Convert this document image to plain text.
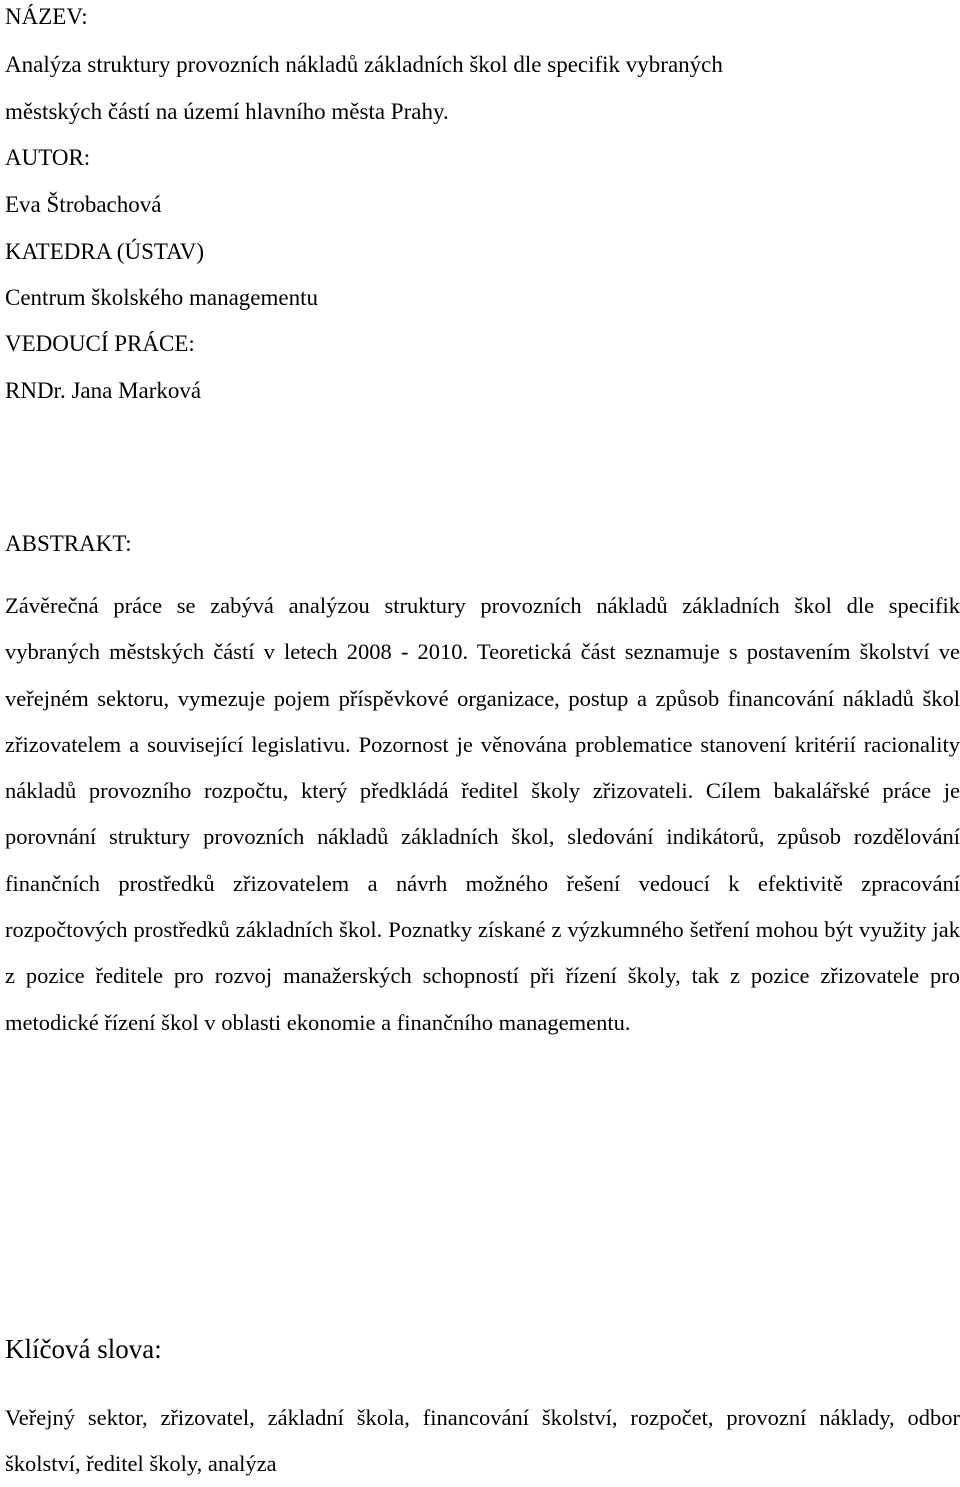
NÁZEV:

Analýza struktury provozních nákladů základních škol dle specifik vybraných

městských částí na území hlavního města Prahy.

AUTOR:

Eva Štrobachová

KATEDRA (ÚSTAV)

Centrum školského managementu

VEDOUCÍ PRÁCE:

RNDr. Jana Marková

ABSTRAKT:

Závěrečná práce se zabývá analýzou struktury provozních nákladů základních škol dle specifik vybraných městských částí v letech 2008 - 2010. Teoretická část seznamuje s postavením školství ve veřejném sektoru, vymezuje pojem příspěvkové organizace, postup a způsob financování nákladů škol zřizovatelem a související legislativu. Pozornost je věnována problematice stanovení kritérií racionality nákladů provozního rozpočtu, který předkládá ředitel školy zřizovateli. Cílem bakalářské práce je porovnání struktury provozních nákladů základních škol, sledování indikátorů, způsob rozdělování finančních prostředků zřizovatelem a návrh možného řešení vedoucí k efektivitě zpracování rozpočtových prostředků základních škol. Poznatky získané z výzkumného šetření mohou být využity jak z pozice ředitele pro rozvoj manažerských schopností při řízení školy, tak z pozice zřizovatele pro metodické řízení škol v oblasti ekonomie a finančního managementu.

Klíčová slova:

Veřejný sektor, zřizovatel, základní škola, financování školství, rozpočet, provozní náklady, odbor školství, ředitel školy, analýza
